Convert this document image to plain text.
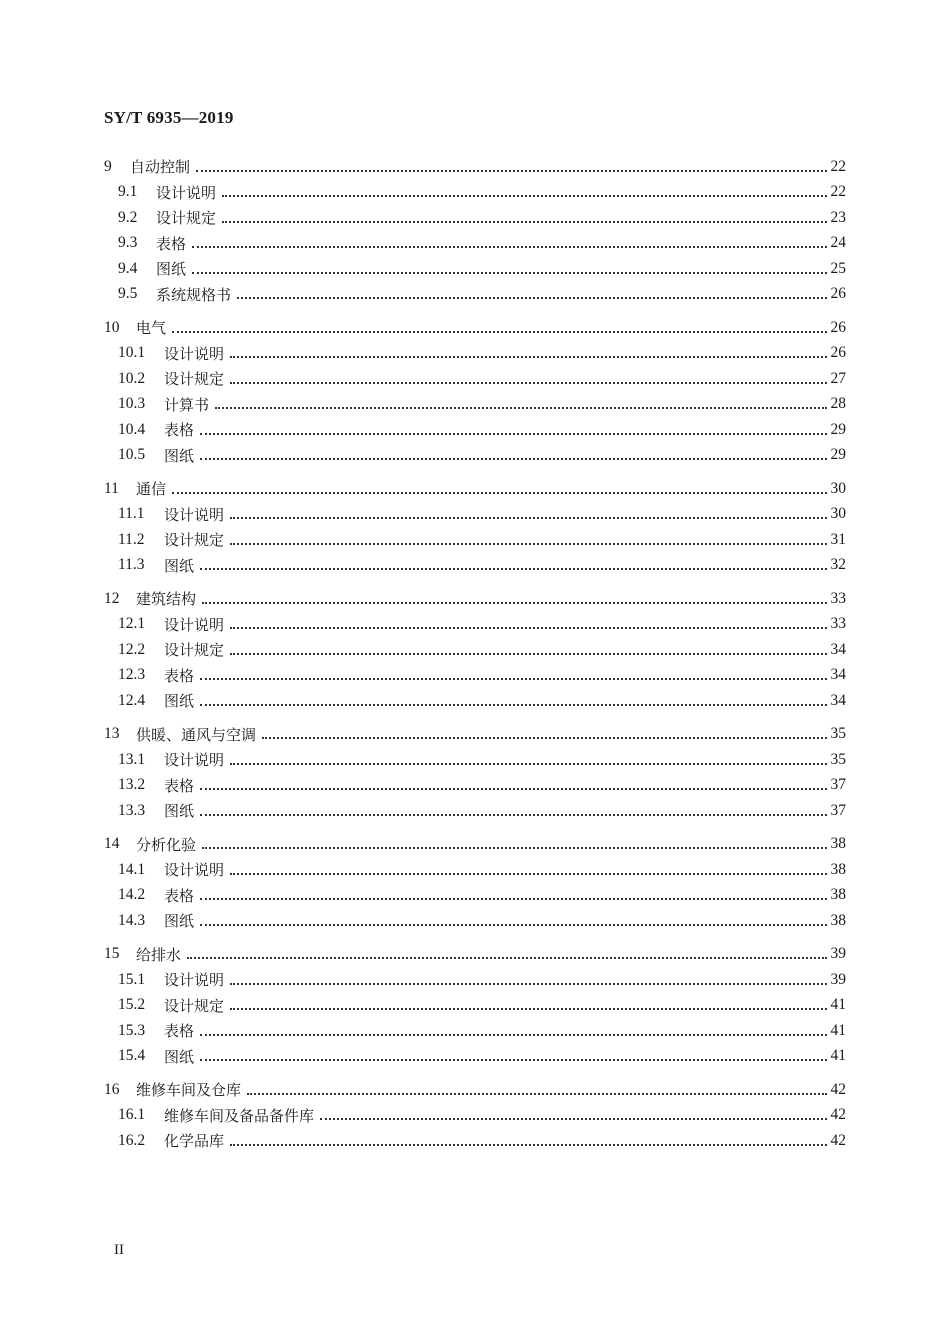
SY/T 6935—2019
9	自动控制	22
9.1	设计说明	22
9.2	设计规定	23
9.3	表格	24
9.4	图纸	25
9.5	系统规格书	26
10	电气	26
10.1	设计说明	26
10.2	设计规定	27
10.3	计算书	28
10.4	表格	29
10.5	图纸	29
11	通信	30
11.1	设计说明	30
11.2	设计规定	31
11.3	图纸	32
12	建筑结构	33
12.1	设计说明	33
12.2	设计规定	34
12.3	表格	34
12.4	图纸	34
13	供暖、通风与空调	35
13.1	设计说明	35
13.2	表格	37
13.3	图纸	37
14	分析化验	38
14.1	设计说明	38
14.2	表格	38
14.3	图纸	38
15	给排水	39
15.1	设计说明	39
15.2	设计规定	41
15.3	表格	41
15.4	图纸	41
16	维修车间及仓库	42
16.1	维修车间及备品备件库	42
16.2	化学品库	42
II
